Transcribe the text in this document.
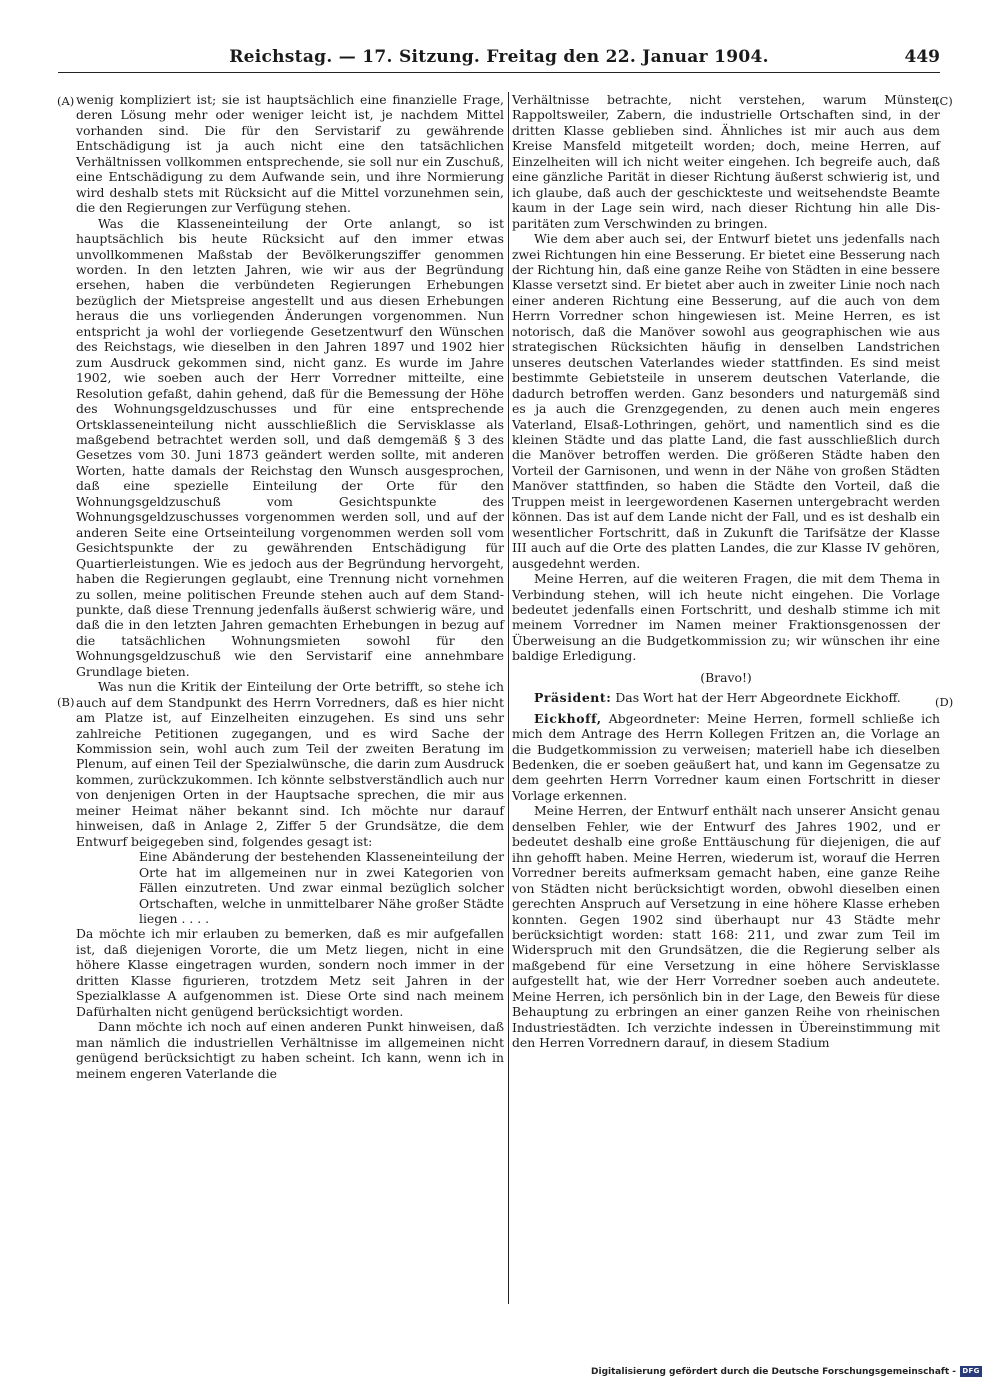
Reichstag. — 17. Sitzung. Freitag den 22. Januar 1904.	449
(A)
(B)
(C)
(D)

wenig kompliziert ist; sie ist hauptsächlich eine finanzielle Frage, deren Lösung mehr oder weniger leicht ist, je nachdem Mittel vorhanden sind. Die für den Servistarif zu gewährende Entschädigung ist ja auch nicht eine den tatsächlichen Verhältnissen vollkommen entsprechende, sie soll nur ein Zuschuß, eine Entschädigung zu dem Aufwande sein, und ihre Normierung wird deshalb stets mit Rücksicht auf die Mittel vorzunehmen sein, die den Regierungen zur Verfügung stehen.

Was die Klasseneinteilung der Orte anlangt, so ist hauptsächlich bis heute Rücksicht auf den immer etwas unvollkommenen Maßstab der Bevölkerungsziffer genommen worden. In den letzten Jahren, wie wir aus der Begründung ersehen, haben die verbündeten Regierungen Erhebungen bezüglich der Mietspreise angestellt und aus diesen Erhebungen heraus die uns vorliegenden Änderungen vorgenommen. Nun entspricht ja wohl der vorliegende Gesetzentwurf den Wünschen des Reichstags, wie dieselben in den Jahren 1897 und 1902 hier zum Ausdruck gekommen sind, nicht ganz. Es wurde im Jahre 1902, wie soeben auch der Herr Vorredner mitteilte, eine Resolution gefaßt, dahin gehend, daß für die Bemessung der Höhe des Wohnungsgeldzuschusses und für eine entsprechende Ortsklasseneinteilung nicht ausschließlich die Servisklasse als maßgebend betrachtet werden soll, und daß demgemäß § 3 des Gesetzes vom 30. Juni 1873 geändert werden sollte, mit anderen Worten, hatte damals der Reichstag den Wunsch ausgesprochen, daß eine spezielle Einteilung der Orte für den Wohnungsgeldzuschuß vom Gesichtspunkte des Wohnungsgeldzuschusses vorgenommen werden soll, und auf der anderen Seite eine Ortseinteilung vorgenommen werden soll vom Gesichtspunkte der zu gewährenden Entschädigung für Quartierleistungen. Wie es jedoch aus der Begründung hervorgeht, haben die Regierungen geglaubt, eine Trennung nicht vornehmen zu sollen, meine politischen Freunde stehen auch auf dem Standpunkte, daß diese Trennung jedenfalls äußerst schwierig wäre, und daß die in den letzten Jahren gemachten Erhebungen in bezug auf die tatsächlichen Wohnungsmieten sowohl für den Wohnungsgeldzuschuß wie den Servistarif eine annehmbare Grundlage bieten.

Was nun die Kritik der Einteilung der Orte betrifft, so stehe ich auch auf dem Standpunkt des Herrn Vorredners, daß es hier nicht am Platze ist, auf Einzelheiten einzugehen. Es sind uns sehr zahlreiche Petitionen zugegangen, und es wird Sache der Kommission sein, wohl auch zum Teil der zweiten Beratung im Plenum, auf einen Teil der Spezialwünsche, die darin zum Ausdruck kommen, zurückzukommen. Ich könnte selbstverständlich auch nur von denjenigen Orten in der Hauptsache sprechen, die mir aus meiner Heimat näher bekannt sind. Ich möchte nur darauf hinweisen, daß in Anlage 2, Ziffer 5 der Grundsätze, die dem Entwurf beigegeben sind, folgendes gesagt ist:

Eine Abänderung der bestehenden Klasseneinteilung der Orte hat im allgemeinen nur in zwei Kategorien von Fällen einzutreten. Und zwar einmal bezüglich solcher Ortschaften, welche in unmittelbarer Nähe großer Städte liegen . . . .

Da möchte ich mir erlauben zu bemerken, daß es mir aufgefallen ist, daß diejenigen Vororte, die um Metz liegen, nicht in eine höhere Klasse eingetragen wurden, sondern noch immer in der dritten Klasse figurieren, trotzdem Metz seit Jahren in der Spezialklasse A aufgenommen ist. Diese Orte sind nach meinem Dafürhalten nicht genügend berücksichtigt worden.

Dann möchte ich noch auf einen anderen Punkt hinweisen, daß man nämlich die industriellen Verhältnisse im allgemeinen nicht genügend berücksichtigt zu haben scheint. Ich kann, wenn ich in meinem engeren Vaterlande die

Verhältnisse betrachte, nicht verstehen, warum Münster, Rappoltsweiler, Zabern, die industrielle Ortschaften sind, in der dritten Klasse geblieben sind. Ähnliches ist mir auch aus dem Kreise Mansfeld mitgeteilt worden; doch, meine Herren, auf Einzelheiten will ich nicht weiter eingehen. Ich begreife auch, daß eine gänzliche Parität in dieser Richtung äußerst schwierig ist, und ich glaube, daß auch der geschickteste und weitsehendste Beamte kaum in der Lage sein wird, nach dieser Richtung hin alle Disparitäten zum Verschwinden zu bringen.

Wie dem aber auch sei, der Entwurf bietet uns jedenfalls nach zwei Richtungen hin eine Besserung. Er bietet eine Besserung nach der Richtung hin, daß eine ganze Reihe von Städten in eine bessere Klasse versetzt sind. Er bietet aber auch in zweiter Linie noch nach einer anderen Richtung eine Besserung, auf die auch von dem Herrn Vorredner schon hingewiesen ist. Meine Herren, es ist notorisch, daß die Manöver sowohl aus geographischen wie aus strategischen Rücksichten häufig in denselben Landstrichen unseres deutschen Vaterlandes wieder stattfinden. Es sind meist bestimmte Gebietsteile in unserem deutschen Vaterlande, die dadurch betroffen werden. Ganz besonders und naturgemäß sind es ja auch die Grenzgegenden, zu denen auch mein engeres Vaterland, Elsaß-Lothringen, gehört, und namentlich sind es die kleinen Städte und das platte Land, die fast ausschließlich durch die Manöver betroffen werden. Die größeren Städte haben den Vorteil der Garnisonen, und wenn in der Nähe von großen Städten Manöver stattfinden, so haben die Städte den Vorteil, daß die Truppen meist in leergewordenen Kasernen untergebracht werden können. Das ist auf dem Lande nicht der Fall, und es ist deshalb ein wesentlicher Fortschritt, daß in Zukunft die Tarifsätze der Klasse III auch auf die Orte des platten Landes, die zur Klasse IV gehören, ausgedehnt werden.

Meine Herren, auf die weiteren Fragen, die mit dem Thema in Verbindung stehen, will ich heute nicht eingehen. Die Vorlage bedeutet jedenfalls einen Fortschritt, und deshalb stimme ich mit meinem Vorredner im Namen meiner Fraktionsgenossen der Überweisung an die Budgetkommission zu; wir wünschen ihr eine baldige Erledigung.

(Bravo!)

Präsident: Das Wort hat der Herr Abgeordnete Eickhoff.

Eickhoff, Abgeordneter: Meine Herren, formell schließe ich mich dem Antrage des Herrn Kollegen Fritzen an, die Vorlage an die Budgetkommission zu verweisen; materiell habe ich dieselben Bedenken, die er soeben geäußert hat, und kann im Gegensatze zu dem geehrten Herrn Vorredner kaum einen Fortschritt in dieser Vorlage erkennen.

Meine Herren, der Entwurf enthält nach unserer Ansicht genau denselben Fehler, wie der Entwurf des Jahres 1902, und er bedeutet deshalb eine große Enttäuschung für diejenigen, die auf ihn gehofft haben. Meine Herren, wiederum ist, worauf die Herren Vorredner bereits aufmerksam gemacht haben, eine ganze Reihe von Städten nicht berücksichtigt worden, obwohl dieselben einen gerechten Anspruch auf Versetzung in eine höhere Klasse erheben konnten. Gegen 1902 sind überhaupt nur 43 Städte mehr berücksichtigt worden: statt 168: 211, und zwar zum Teil im Widerspruch mit den Grundsätzen, die die Regierung selber als maßgebend für eine Versetzung in eine höhere Servisklasse aufgestellt hat, wie der Herr Vorredner soeben auch andeutete. Meine Herren, ich persönlich bin in der Lage, den Beweis für diese Behauptung zu erbringen an einer ganzen Reihe von rheinischen Industriestädten. Ich verzichte indessen in Übereinstimmung mit den Herren Vorrednern darauf, in diesem Stadium

Digitalisierung gefördert durch die Deutsche Forschungsgemeinschaft - DFG
